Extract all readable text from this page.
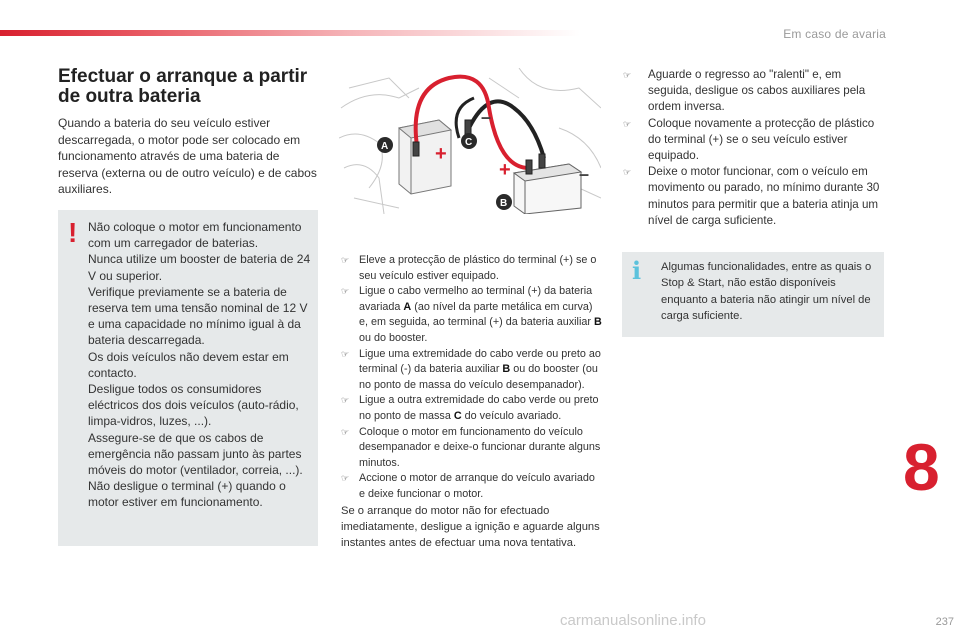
Em caso de avaria
Efectuar o arranque a partir de outra bateria

Quando a bateria do seu veículo estiver descarregada, o motor pode ser colocado em funcionamento através de uma bateria de reserva (externa ou de outro veículo) e de cabos auxiliares.

! Não coloque o motor em funcionamento com um carregador de baterias.
Nunca utilize um booster de bateria de 24 V ou superior.
Verifique previamente se a bateria de reserva tem uma tensão nominal de 12 V e uma capacidade no mínimo igual à da bateria descarregada.
Os dois veículos não devem estar em contacto.
Desligue todos os consumidores eléctricos dos dois veículos (auto-rádio, limpa-vidros, luzes, ...).
Assegure-se de que os cabos de emergência não passam junto às partes móveis do motor (ventilador, correia, ...).
Não desligue o terminal (+) quando o motor estiver em funcionamento.
+
–
+	–
A	C
B
☞ Eleve a protecção de plástico do terminal (+) se o seu veículo estiver equipado.
☞ Ligue o cabo vermelho ao terminal (+) da bateria avariada A (ao nível da parte metálica em curva) e, em seguida, ao terminal (+) da bateria auxiliar B ou do booster.
☞ Ligue uma extremidade do cabo verde ou preto ao terminal (-) da bateria auxiliar B ou do booster (ou no ponto de massa do veículo desempanador).
☞ Ligue a outra extremidade do cabo verde ou preto no ponto de massa C do veículo avariado.
☞ Coloque o motor em funcionamento do veículo desempanador e deixe-o funcionar durante alguns minutos.
☞ Accione o motor de arranque do veículo avariado e deixe funcionar o motor.

Se o arranque do motor não for efectuado imediatamente, desligue a ignição e aguarde alguns instantes antes de efectuar uma nova tentativa.

☞ Aguarde o regresso ao "ralenti" e, em seguida, desligue os cabos auxiliares pela ordem inversa.
☞ Coloque novamente a protecção de plástico do terminal (+) se o seu veículo estiver equipado.
☞ Deixe o motor funcionar, com o veículo em movimento ou parado, no mínimo durante 30 minutos para permitir que a bateria atinja um nível de carga suficiente.
i	Algumas funcionalidades, entre as quais o Stop & Start, não estão disponíveis enquanto a bateria não atingir um nível de carga suficiente.

8
237
carmanualsonline.info
